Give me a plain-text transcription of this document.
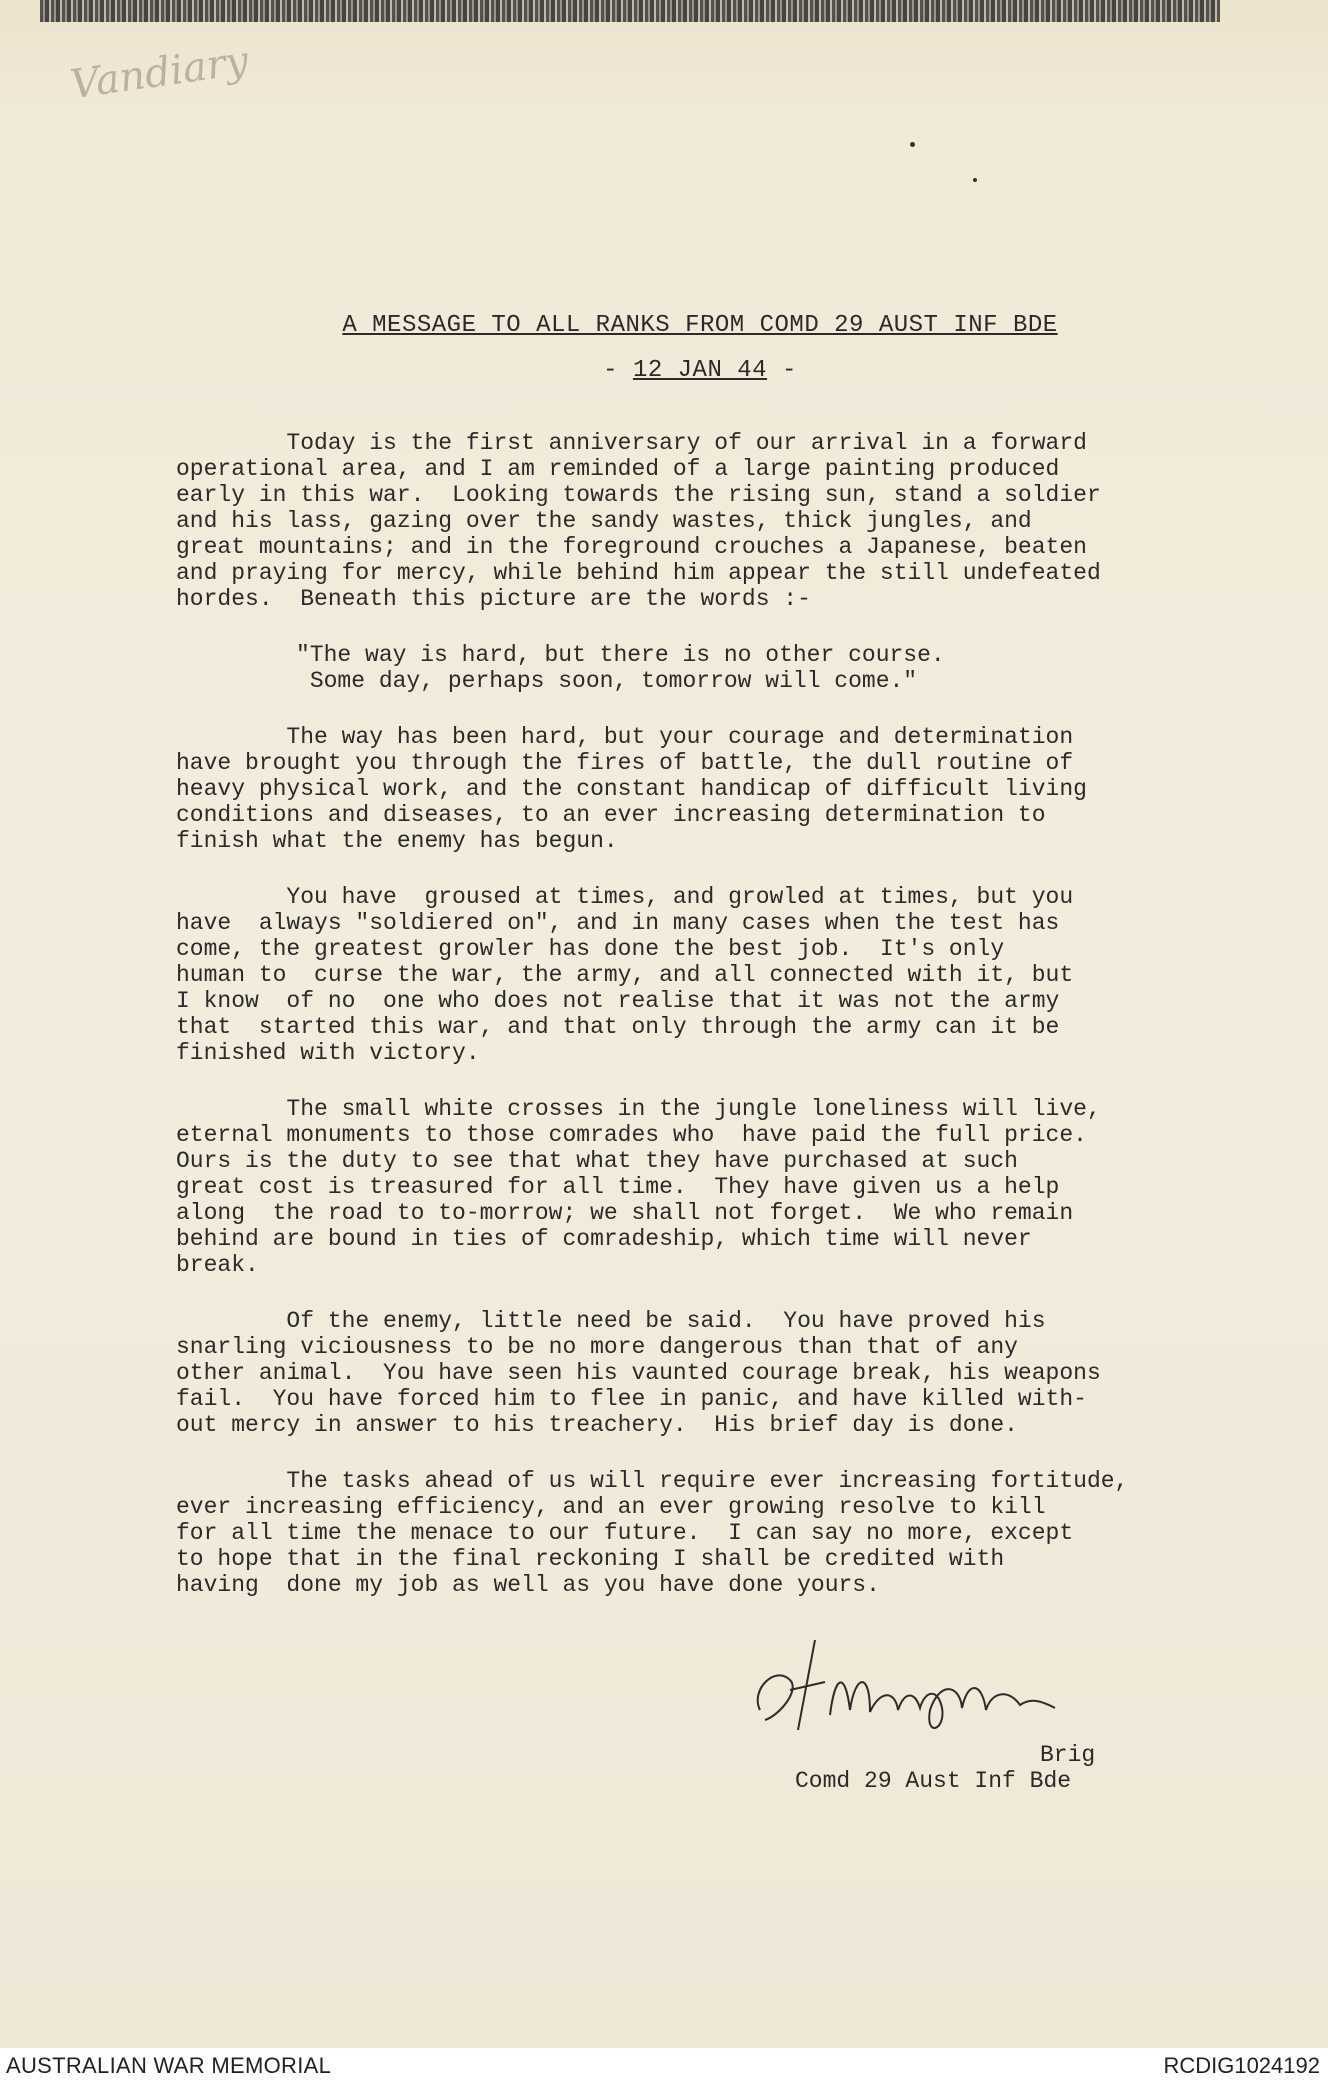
Vandiary
A MESSAGE TO ALL RANKS FROM COMD 29 AUST INF BDE
- 12 JAN 44 -

Today is the first anniversary of our arrival in a forward
operational area, and I am reminded of a large painting produced
early in this war.  Looking towards the rising sun, stand a soldier
and his lass, gazing over the sandy wastes, thick jungles, and
great mountains; and in the foreground crouches a Japanese, beaten
and praying for mercy, while behind him appear the still undefeated
hordes.  Beneath this picture are the words :-

"The way is hard, but there is no other course.
Some day, perhaps soon, tomorrow will come."

The way has been hard, but your courage and determination
have brought you through the fires of battle, the dull routine of
heavy physical work, and the constant handicap of difficult living
conditions and diseases, to an ever increasing determination to
finish what the enemy has begun.

You have  groused at times, and growled at times, but you
have  always "soldiered on", and in many cases when the test has
come, the greatest growler has done the best job.  It's only
human to  curse the war, the army, and all connected with it, but
I know  of no  one who does not realise that it was not the army
that  started this war, and that only through the army can it be
finished with victory.

The small white crosses in the jungle loneliness will live,
eternal monuments to those comrades who  have paid the full price.
Ours is the duty to see that what they have purchased at such
great cost is treasured for all time.  They have given us a help
along  the road to to-morrow; we shall not forget.  We who remain
behind are bound in ties of comradeship, which time will never
break.

Of the enemy, little need be said.  You have proved his
snarling viciousness to be no more dangerous than that of any
other animal.  You have seen his vaunted courage break, his weapons
fail.  You have forced him to flee in panic, and have killed with-
out mercy in answer to his treachery.  His brief day is done.

The tasks ahead of us will require ever increasing fortitude,
ever increasing efficiency, and an ever growing resolve to kill
for all time the menace to our future.  I can say no more, except
to hope that in the final reckoning I shall be credited with
having  done my job as well as you have done yours.

Brig
Comd 29 Aust Inf Bde
AUSTRALIAN WAR MEMORIAL	RCDIG1024192
